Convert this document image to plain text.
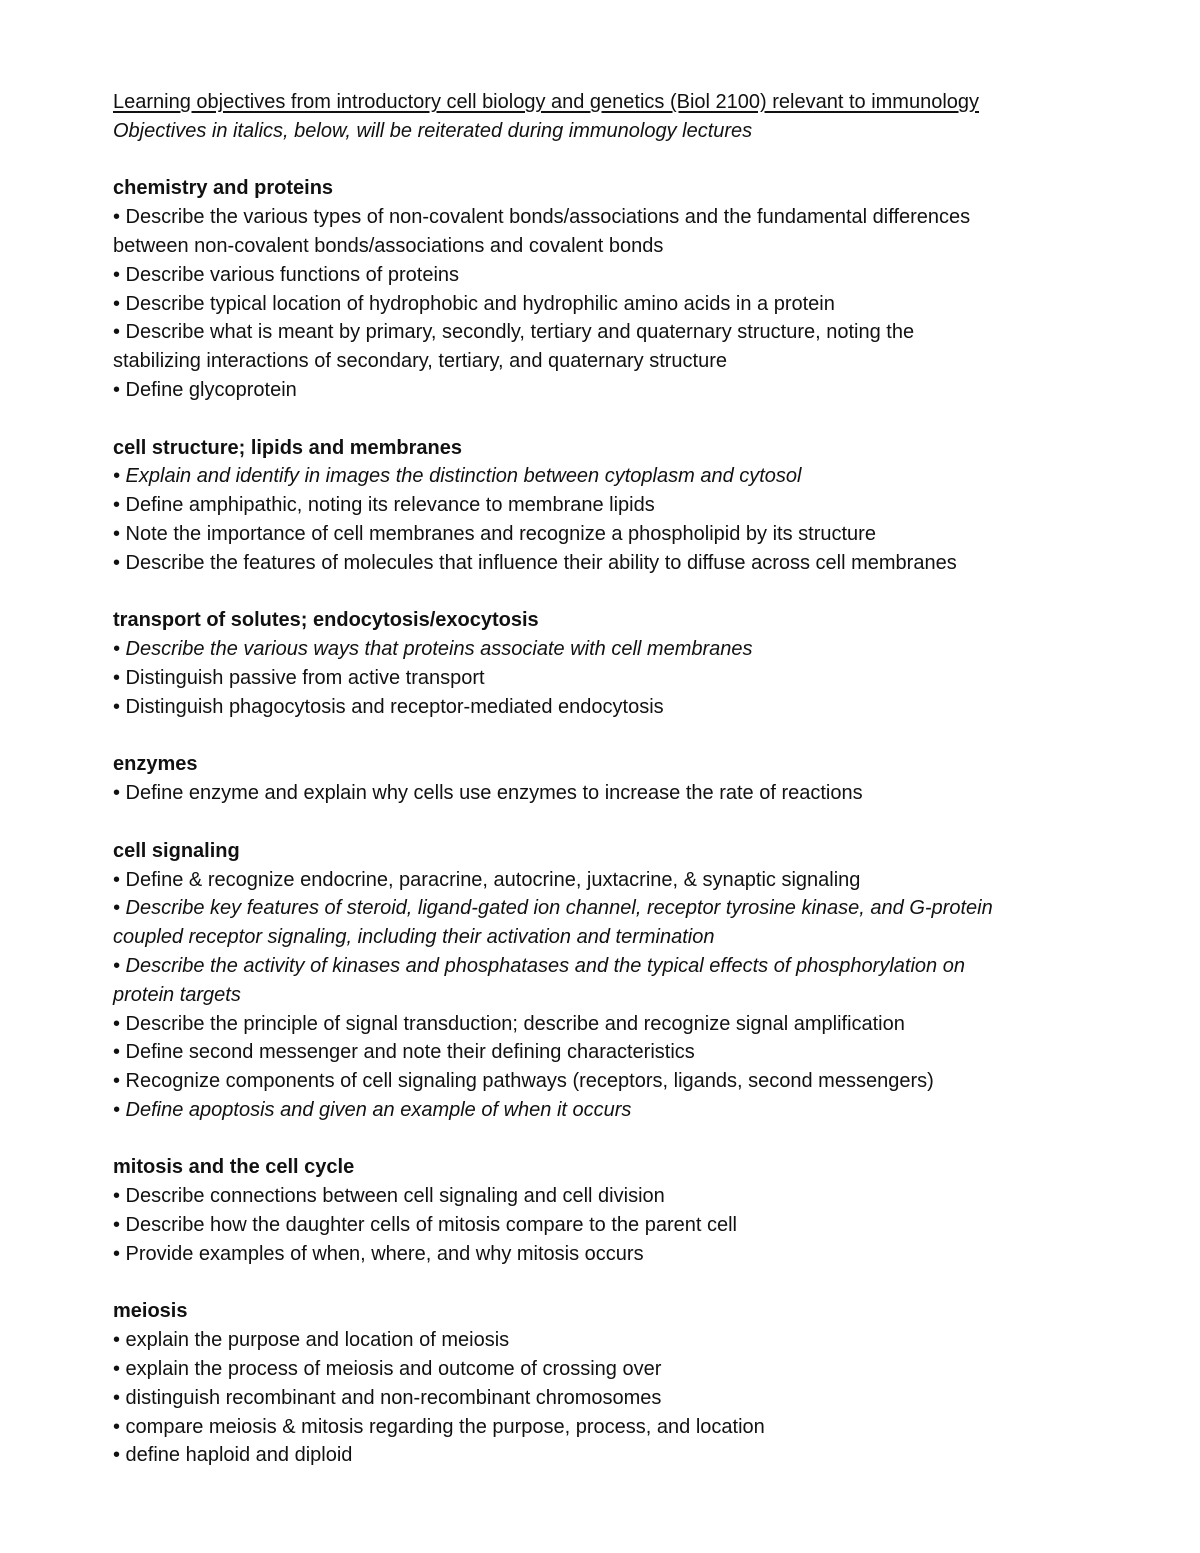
Learning objectives from introductory cell biology and genetics (Biol 2100) relevant to immunology
Objectives in italics, below, will be reiterated during immunology lectures
chemistry and proteins
• Describe the various types of non-covalent bonds/associations and the fundamental differences
between non-covalent bonds/associations and covalent bonds
• Describe various functions of proteins
• Describe typical location of hydrophobic and hydrophilic amino acids in a protein
• Describe what is meant by primary, secondly, tertiary and quaternary structure, noting the
stabilizing interactions of secondary, tertiary, and quaternary structure
• Define glycoprotein
cell structure; lipids and membranes
• Explain and identify in images the distinction between cytoplasm and cytosol
• Define amphipathic, noting its relevance to membrane lipids
• Note the importance of cell membranes and recognize a phospholipid by its structure
• Describe the features of molecules that influence their ability to diffuse across cell membranes
transport of solutes; endocytosis/exocytosis
• Describe the various ways that proteins associate with cell membranes
• Distinguish passive from active transport
• Distinguish phagocytosis and receptor-mediated endocytosis
enzymes
• Define enzyme and explain why cells use enzymes to increase the rate of reactions
cell signaling
• Define & recognize endocrine, paracrine, autocrine, juxtacrine, & synaptic signaling
• Describe key features of steroid, ligand-gated ion channel, receptor tyrosine kinase, and G-protein
coupled receptor signaling, including their activation and termination
• Describe the activity of kinases and phosphatases and the typical effects of phosphorylation on
protein targets
• Describe the principle of signal transduction; describe and recognize signal amplification
• Define second messenger and note their defining characteristics
• Recognize components of cell signaling pathways (receptors, ligands, second messengers)
• Define apoptosis and given an example of when it occurs
mitosis and the cell cycle
• Describe connections between cell signaling and cell division
• Describe how the daughter cells of mitosis compare to the parent cell
• Provide examples of when, where, and why mitosis occurs
meiosis
• explain the purpose and location of meiosis
• explain the process of meiosis and outcome of crossing over
• distinguish recombinant and non-recombinant chromosomes
• compare meiosis & mitosis regarding the purpose, process, and location
• define haploid and diploid
